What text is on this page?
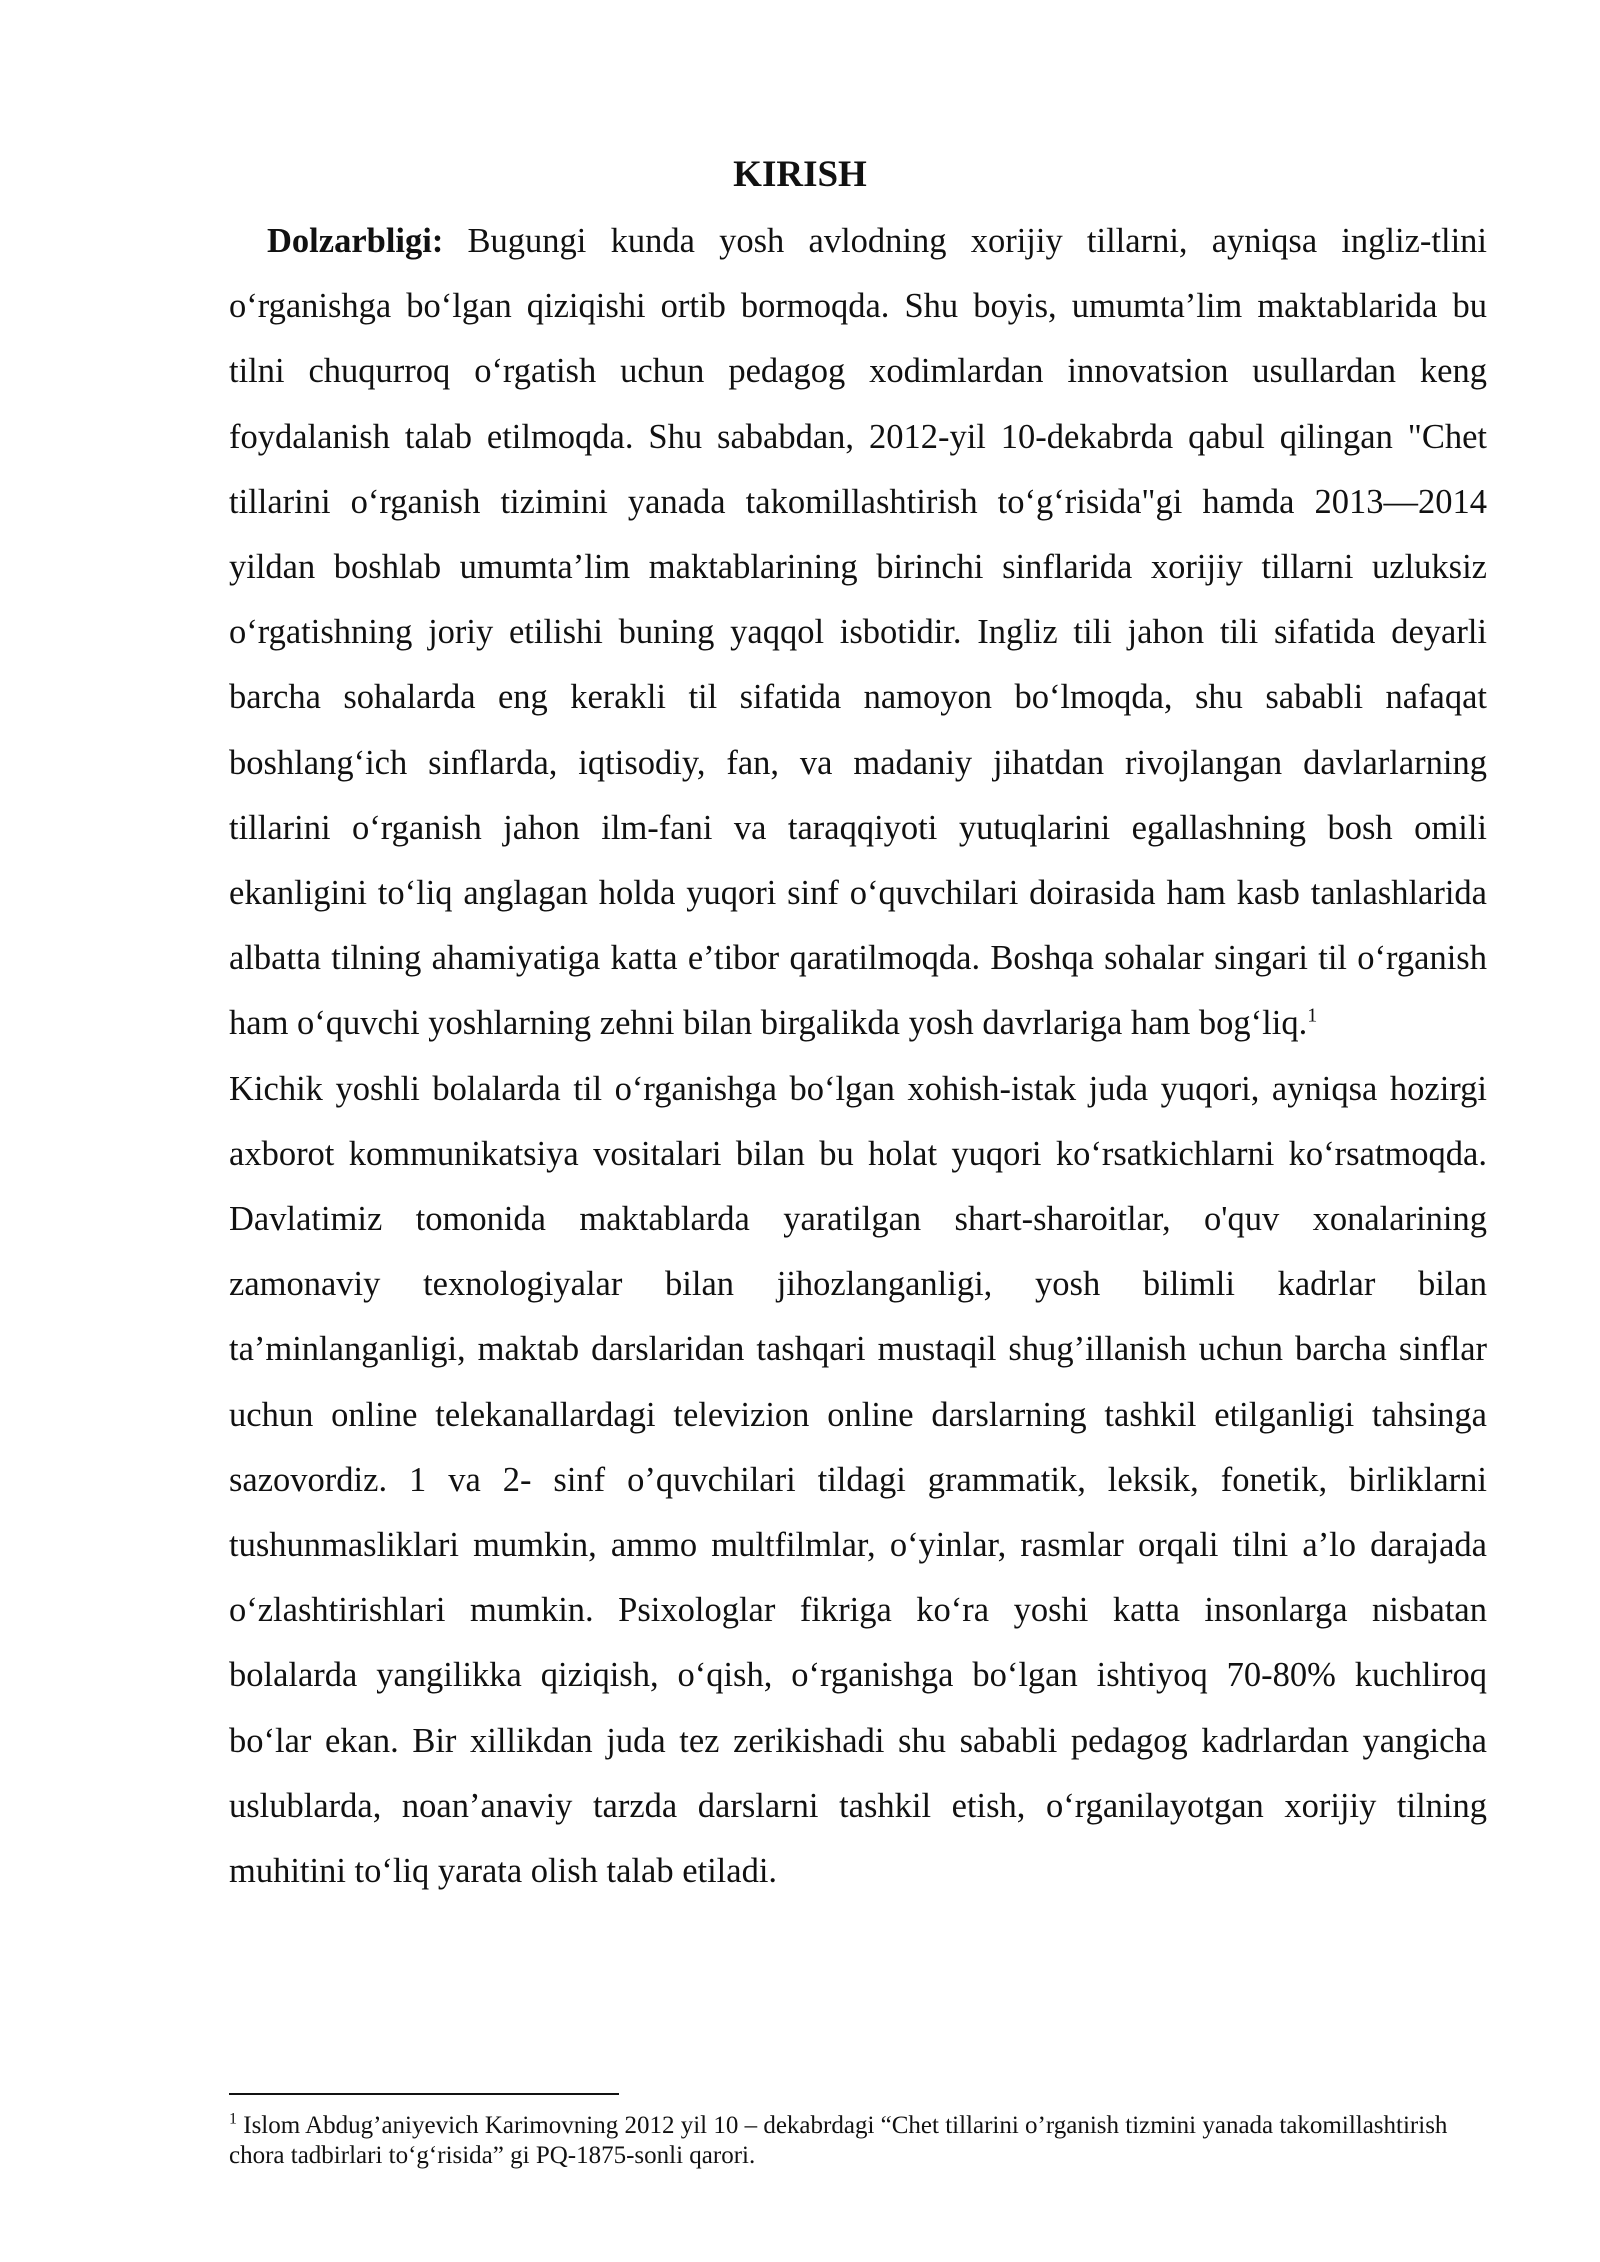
KIRISH

Dolzarbligi: Bugungi kunda yosh avlodning xorijiy tillarni, ayniqsa ingliz-tlini o‘rganishga bo‘lgan qiziqishi ortib bormoqda. Shu boyis, umumta’lim maktablarida bu tilni chuqurroq o‘rgatish uchun pedagog xodimlardan innovatsion usullardan keng foydalanish talab etilmoqda. Shu sababdan, 2012-yil 10-dekabrda qabul qilingan "Chet tillarini o‘rganish tizimini yanada takomillashtirish to‘g‘risida"gi hamda 2013—2014 yildan boshlab umumta’lim maktablarining birinchi sinflarida xorijiy tillarni uzluksiz o‘rgatishning joriy etilishi buning yaqqol isbotidir. Ingliz tili jahon tili sifatida deyarli barcha sohalarda eng kerakli til sifatida namoyon bo‘lmoqda, shu sababli nafaqat boshlang‘ich sinflarda, iqtisodiy, fan, va madaniy jihatdan rivojlangan davlarlarning tillarini o‘rganish jahon ilm-fani va taraqqiyoti yutuqlarini egallashning bosh omili ekanligini to‘liq anglagan holda yuqori sinf o‘quvchilari doirasida ham kasb tanlashlarida albatta tilning ahamiyatiga katta e’tibor qaratilmoqda. Boshqa sohalar singari til o‘rganish ham o‘quvchi yoshlarning zehni bilan birgalikda yosh davrlariga ham bog‘liq.$^1$

Kichik yoshli bolalarda til o‘rganishga bo‘lgan xohish-istak juda yuqori, ayniqsa hozirgi axborot kommunikatsiya vositalari bilan bu holat yuqori ko‘rsatkichlarni ko‘rsatmoqda. Davlatimiz tomonida maktablarda yaratilgan shart-sharoitlar, o'quv xonalarining zamonaviy texnologiyalar bilan jihozlanganligi, yosh bilimli kadrlar bilan ta’minlanganligi, maktab darslaridan tashqari mustaqil shug’illanish uchun barcha sinflar uchun online telekanallardagi televizion online darslarning tashkil etilganligi tahsinga sazovordiz. 1 va 2- sinf o’quvchilari tildagi grammatik, leksik, fonetik, birliklarni tushunmasliklari mumkin, ammo multfilmlar, o‘yinlar, rasmlar orqali tilni a’lo darajada o‘zlashtirishlari mumkin. Psixologlar fikriga ko‘ra yoshi katta insonlarga nisbatan bolalarda yangilikka qiziqish, o‘qish, o‘rganishga bo‘lgan ishtiyoq 70-80% kuchliroq bo‘lar ekan. Bir xillikdan juda tez zerikishadi shu sababli pedagog kadrlardan yangicha uslublarda, noan’anaviy tarzda darslarni tashkil etish, o‘rganilayotgan xorijiy tilning muhitini to‘liq yarata olish talab etiladi.

$^1$ Islom Abdug’aniyevich Karimovning 2012 yil 10 – dekabrdagi “Chet tillarini o’rganish tizmini yanada takomillashtirish chora tadbirlari to‘g‘risida” gi PQ-1875-sonli qarori.
